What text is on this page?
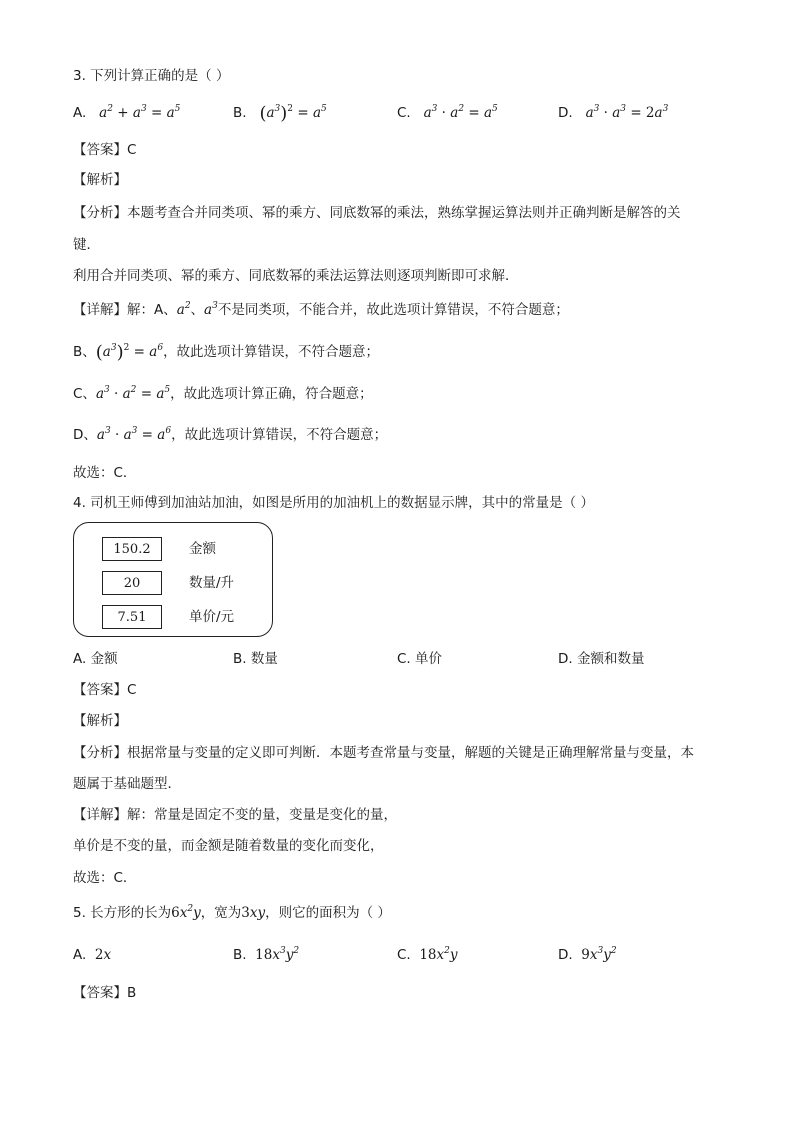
3. 下列计算正确的是（ ）
A. $a^2 + a^3 = a^5$	B. $(a^3)^2 = a^5$	C. $a^3 \cdot a^2 = a^5$	D. $a^3 \cdot a^3 = 2a^3$
【答案】C
【解析】
【分析】本题考查合并同类项、幂的乘方、同底数幂的乘法，熟练掌握运算法则并正确判断是解答的关
键．
利用合并同类项、幂的乘方、同底数幂的乘法运算法则逐项判断即可求解．
【详解】解：A、$a^2$、$a^3$不是同类项，不能合并，故此选项计算错误，不符合题意；
B、$(a^3)^2 = a^6$，故此选项计算错误，不符合题意；
C、$a^3 \cdot a^2 = a^5$，故此选项计算正确，符合题意；
D、$a^3 \cdot a^3 = a^6$，故此选项计算错误，不符合题意；
故选：C．
4. 司机王师傅到加油站加油，如图是所用的加油机上的数据显示牌，其中的常量是（ ）
150.2	金额
20	数量/升
7.51	单价/元
A. 金额	B. 数量	C. 单价	D. 金额和数量
【答案】C
【解析】
【分析】根据常量与变量的定义即可判断．本题考查常量与变量，解题的关键是正确理解常量与变量，本
题属于基础题型．
【详解】解：常量是固定不变的量，变量是变化的量，
单价是不变的量，而金额是随着数量的变化而变化，
故选：C．
5. 长方形的长为$6x^2y$，宽为3xy，则它的面积为（ ）
A. 2x	B. $18x^3y^2$	C. $18x^2y$	D. $9x^3y^2$
【答案】B
